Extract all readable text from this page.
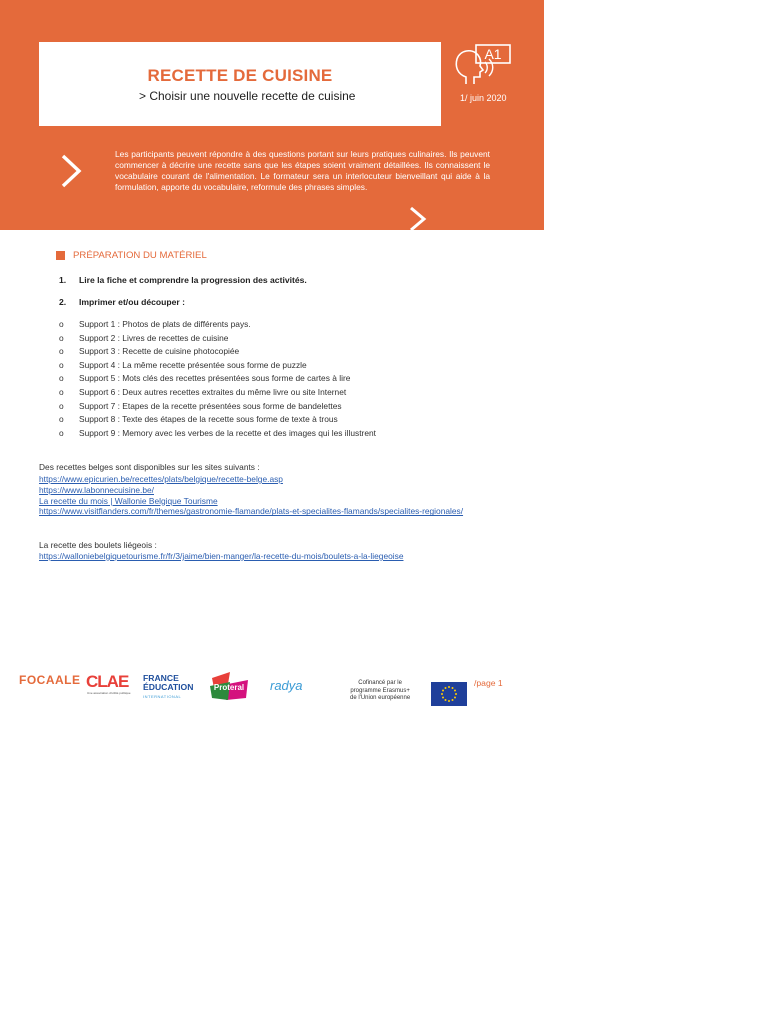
RECETTE DE CUISINE
> Choisir une nouvelle recette de cuisine
A1
1/ juin 2020
Les participants peuvent répondre à des questions portant sur leurs pratiques culinaires. Ils peuvent commencer à décrire une recette sans que les étapes soient vraiment détaillées. Ils connaissent le vocabulaire courant de l'alimentation. Le formateur sera un interlocuteur bienveillant qui aide à la formulation, apporte du vocabulaire, reformule des phrases simples.
PRÉPARATION DU MATÉRIEL
1. Lire la fiche et comprendre la progression des activités.
2. Imprimer et/ou découper :
o Support 1 : Photos de plats de différents pays.
o Support 2 : Livres de recettes de cuisine
o Support 3 : Recette de cuisine photocopiée
o Support 4 : La même recette présentée sous forme de puzzle
o Support 5 : Mots clés des recettes présentées sous forme de cartes à lire
o Support 6 : Deux autres recettes extraites du même livre ou site Internet
o Support 7 : Etapes de la recette présentées sous forme de bandelettes
o Support 8 : Texte des étapes de la recette sous forme de texte à trous
o Support 9 : Memory avec les verbes de la recette et des images qui les illustrent
Des recettes belges sont disponibles sur les sites suivants :
https://www.epicurien.be/recettes/plats/belgique/recette-belge.asp
https://www.labonnecuisine.be/
La recette du mois | Wallonie Belgique Tourisme
https://www.visitflanders.com/fr/themes/gastronomie-flamande/plats-et-specialites-flamands/specialites-regionales/
La recette des boulets liégeois :
https://walloniebelgiquetourisme.fr/fr/3/jaime/bien-manger/la-recette-du-mois/boulets-a-la-liegeoise
FOCAALE CLAE
Une association d'utilité publique
FRANCE
ÉDUCATION
INTERNATIONAL
Proteral radya	Cofinancé par le
programme Erasmus+
de l'Union européenne
/page 1
